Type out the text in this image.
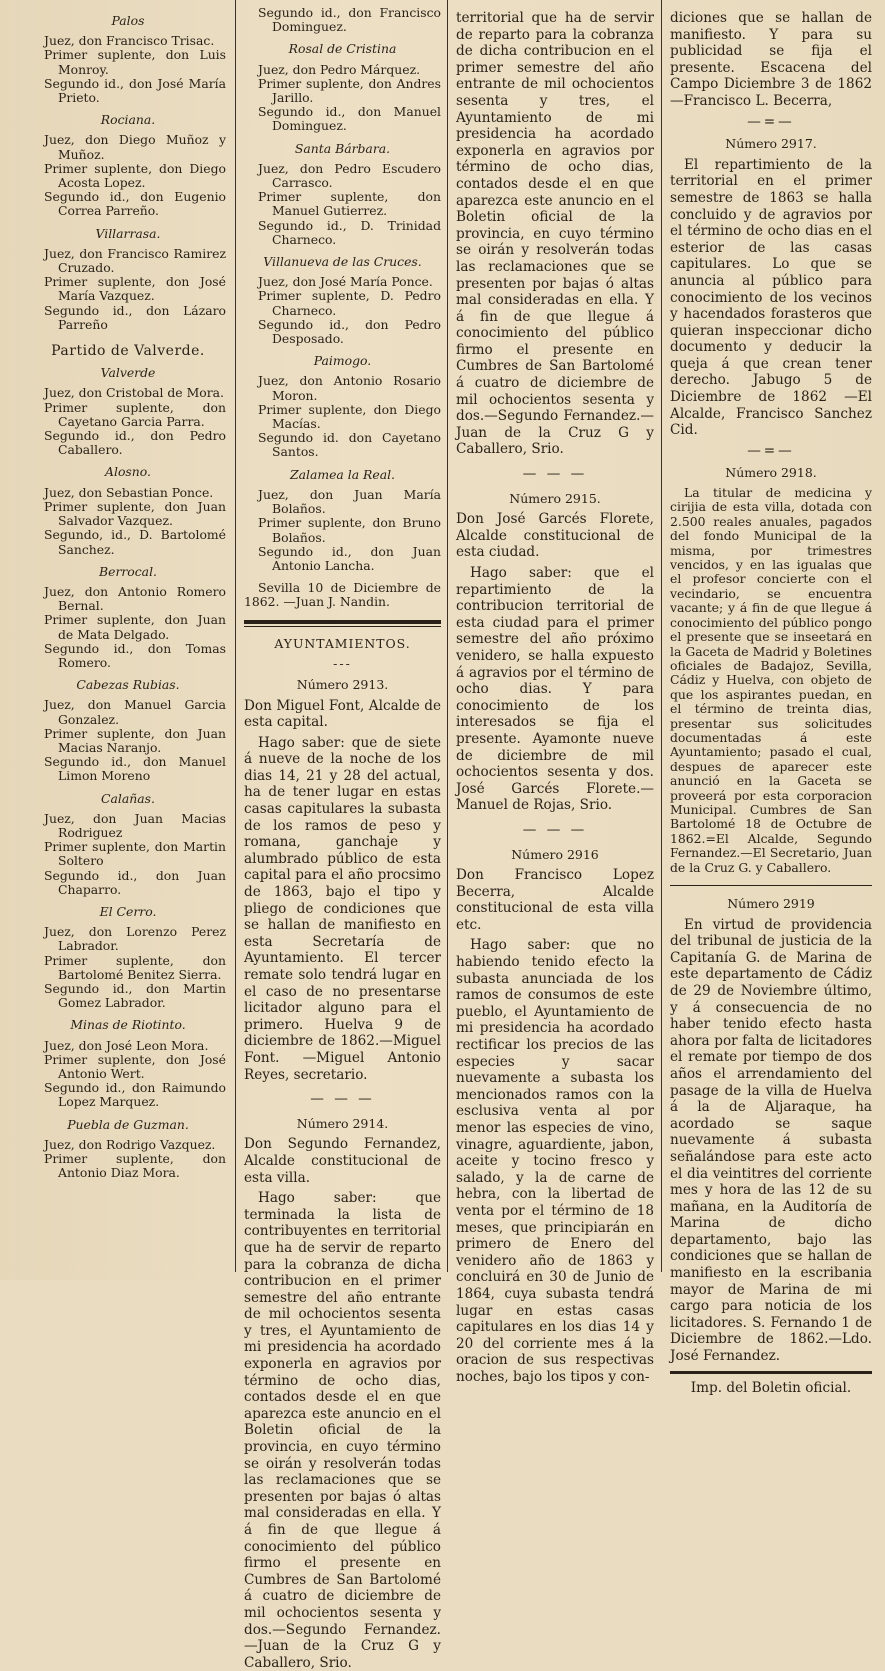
Palos

Juez, don Francisco Trisac.

Primer suplente, don Luis Monroy.

Segundo id., don José María Prieto.

Rociana.

Juez, don Diego Muñoz y Muñoz.

Primer suplente, don Diego Acosta Lopez.

Segundo id., don Eugenio Correa Parreño.

Villarrasa.

Juez, don Francisco Ramirez Cruzado.

Primer suplente, don José María Vazquez.

Segundo id., don Lázaro Parreño

Partido de Valverde.
Valverde

Juez, don Cristobal de Mora.

Primer suplente, don Cayetano Garcia Parra.

Segundo id., don Pedro Caballero.

Alosno.

Juez, don Sebastian Ponce.

Primer suplente, don Juan Salvador Vazquez.

Segundo, id., D. Bartolomé Sanchez.

Berrocal.

Juez, don Antonio Romero Bernal.

Primer suplente, don Juan de Mata Delgado.

Segundo id., don Tomas Romero.

Cabezas Rubias.

Juez, don Manuel Garcia Gonzalez.

Primer suplente, don Juan Macias Naranjo.

Segundo id., don Manuel Limon Moreno

Calañas.

Juez, don Juan Macias Rodriguez

Primer suplente, don Martin Soltero

Segundo id., don Juan Chaparro.

El Cerro.

Juez, don Lorenzo Perez Labrador.

Primer suplente, don Bartolomé Benitez Sierra.

Segundo id., don Martin Gomez Labrador.

Minas de Riotinto.

Juez, don José Leon Mora.

Primer suplente, don José Antonio Wert.

Segundo id., don Raimundo Lopez Marquez.

Puebla de Guzman.

Juez, don Rodrigo Vazquez.

Primer suplente, don Antonio Diaz Mora.

Segundo id., don Francisco Dominguez.

Rosal de Cristina

Juez, don Pedro Márquez.

Primer suplente, don Andres Jarillo.

Segundo id., don Manuel Dominguez.

Santa Bárbara.

Juez, don Pedro Escudero Carrasco.

Primer suplente, don Manuel Gutierrez.

Segundo id., D. Trinidad Charneco.

Villanueva de las Cruces.

Juez, don José María Ponce.

Primer suplente, D. Pedro Charneco.

Segundo id., don Pedro Desposado.

Paimogo.

Juez, don Antonio Rosario Moron.

Primer suplente, don Diego Macías.

Segundo id. don Cayetano Santos.

Zalamea la Real.

Juez, don Juan María Bolaños.

Primer suplente, don Bruno Bolaños.

Segundo id., don Juan Antonio Lancha.

Sevilla 10 de Diciembre de 1862. —Juan J. Nandin.

AYUNTAMIENTOS.
---
Número 2913.

Don Miguel Font, Alcalde de esta capital.

Hago saber: que de siete á nueve de la noche de los dias 14, 21 y 28 del actual, ha de tener lugar en estas casas capitulares la subasta de los ramos de peso y romana, ganchaje y alumbrado público de esta capital para el año procsimo de 1863, bajo el tipo y pliego de condiciones que se hallan de manifiesto en esta Secretaría de Ayuntamiento. El tercer remate solo tendrá lugar en el caso de no presentarse licitador alguno para el primero. Huelva 9 de diciembre de 1862.—Miguel Font. —Miguel Antonio Reyes, secretario.

— — —
Número 2914.

Don Segundo Fernandez, Alcalde constitucional de esta villa.

Hago saber: que terminada la lista de contribuyentes en territorial que ha de servir de reparto para la cobranza de dicha contribucion en el primer semestre del año entrante de mil ochocientos sesenta y tres, el Ayuntamiento de mi presidencia ha acordado exponerla en agravios por término de ocho dias, contados desde el en que aparezca este anuncio en el Boletin oficial de la provincia, en cuyo término se oirán y resolverán todas las reclamaciones que se presenten por bajas ó altas mal consideradas en ella. Y á fin de que llegue á conocimiento del público firmo el presente en Cumbres de San Bartolomé á cuatro de diciembre de mil ochocientos sesenta y dos.—Segundo Fernandez.—Juan de la Cruz G y Caballero, Srio.

territorial que ha de servir de reparto para la cobranza de dicha contribucion en el primer semestre del año entrante de mil ochocientos sesenta y tres, el Ayuntamiento de mi presidencia ha acordado exponerla en agravios por término de ocho dias, contados desde el en que aparezca este anuncio en el Boletin oficial de la provincia, en cuyo término se oirán y resolverán todas las reclamaciones que se presenten por bajas ó altas mal consideradas en ella. Y á fin de que llegue á conocimiento del público firmo el presente en Cumbres de San Bartolomé á cuatro de diciembre de mil ochocientos sesenta y dos.—Segundo Fernandez.—Juan de la Cruz G y Caballero, Srio.

— — —
Número 2915.

Don José Garcés Florete, Alcalde constitucional de esta ciudad.

Hago saber: que el repartimiento de la contribucion territorial de esta ciudad para el primer semestre del año próximo venidero, se halla expuesto á agravios por el término de ocho dias. Y para conocimiento de los interesados se fija el presente. Ayamonte nueve de diciembre de mil ochocientos sesenta y dos. José Garcés Florete.—Manuel de Rojas, Srio.

— — —
Número 2916

Don Francisco Lopez Becerra, Alcalde constitucional de esta villa etc.

Hago saber: que no habiendo tenido efecto la subasta anunciada de los ramos de consumos de este pueblo, el Ayuntamiento de mi presidencia ha acordado rectificar los precios de las especies y sacar nuevamente a subasta los mencionados ramos con la esclusiva venta al por menor las especies de vino, vinagre, aguardiente, jabon, aceite y tocino fresco y salado, y la de carne de hebra, con la libertad de venta por el término de 18 meses, que principiarán en primero de Enero del venidero año de 1863 y concluirá en 30 de Junio de 1864, cuya subasta tendrá lugar en estas casas capitulares en los dias 14 y 20 del corriente mes á la oracion de sus respectivas noches, bajo los tipos y con-

diciones que se hallan de manifiesto. Y para su publicidad se fija el presente. Escacena del Campo Diciembre 3 de 1862—Francisco L. Becerra,

—=—
Número 2917.

El repartimiento de la territorial en el primer semestre de 1863 se halla concluido y de agravios por el término de ocho dias en el esterior de las casas capitulares. Lo que se anuncia al público para conocimiento de los vecinos y hacendados forasteros que quieran inspeccionar dicho documento y deducir la queja á que crean tener derecho. Jabugo 5 de Diciembre de 1862 —El Alcalde, Francisco Sanchez Cid.

—=—
Número 2918.

La titular de medicina y cirijia de esta villa, dotada con 2.500 reales anuales, pagados del fondo Municipal de la misma, por trimestres vencidos, y en las igualas que el profesor concierte con el vecindario, se encuentra vacante; y á fin de que llegue á conocimiento del público pongo el presente que se inseetará en la Gaceta de Madrid y Boletines oficiales de Badajoz, Sevilla, Cádiz y Huelva, con objeto de que los aspirantes puedan, en el término de treinta dias, presentar sus solicitudes documentadas á este Ayuntamiento; pasado el cual, despues de aparecer este anunció en la Gaceta se proveerá por esta corporacion Municipal. Cumbres de San Bartolomé 18 de Octubre de 1862.=El Alcalde, Segundo Fernandez.—El Secretario, Juan de la Cruz G. y Caballero.

Número 2919

En virtud de providencia del tribunal de justicia de la Capitanía G. de Marina de este departamento de Cádiz de 29 de Noviembre último, y á consecuencia de no haber tenido efecto hasta ahora por falta de licitadores el remate por tiempo de dos años el arrendamiento del pasage de la villa de Huelva á la de Aljaraque, ha acordado se saque nuevamente á subasta señalándose para este acto el dia veintitres del corriente mes y hora de las 12 de su mañana, en la Auditoría de Marina de dicho departamento, bajo las condiciones que se hallan de manifiesto en la escribania mayor de Marina de mi cargo para noticia de los licitadores. S. Fernando 1 de Diciembre de 1862.—Ldo. José Fernandez.

Imp. del Boletin oficial.
